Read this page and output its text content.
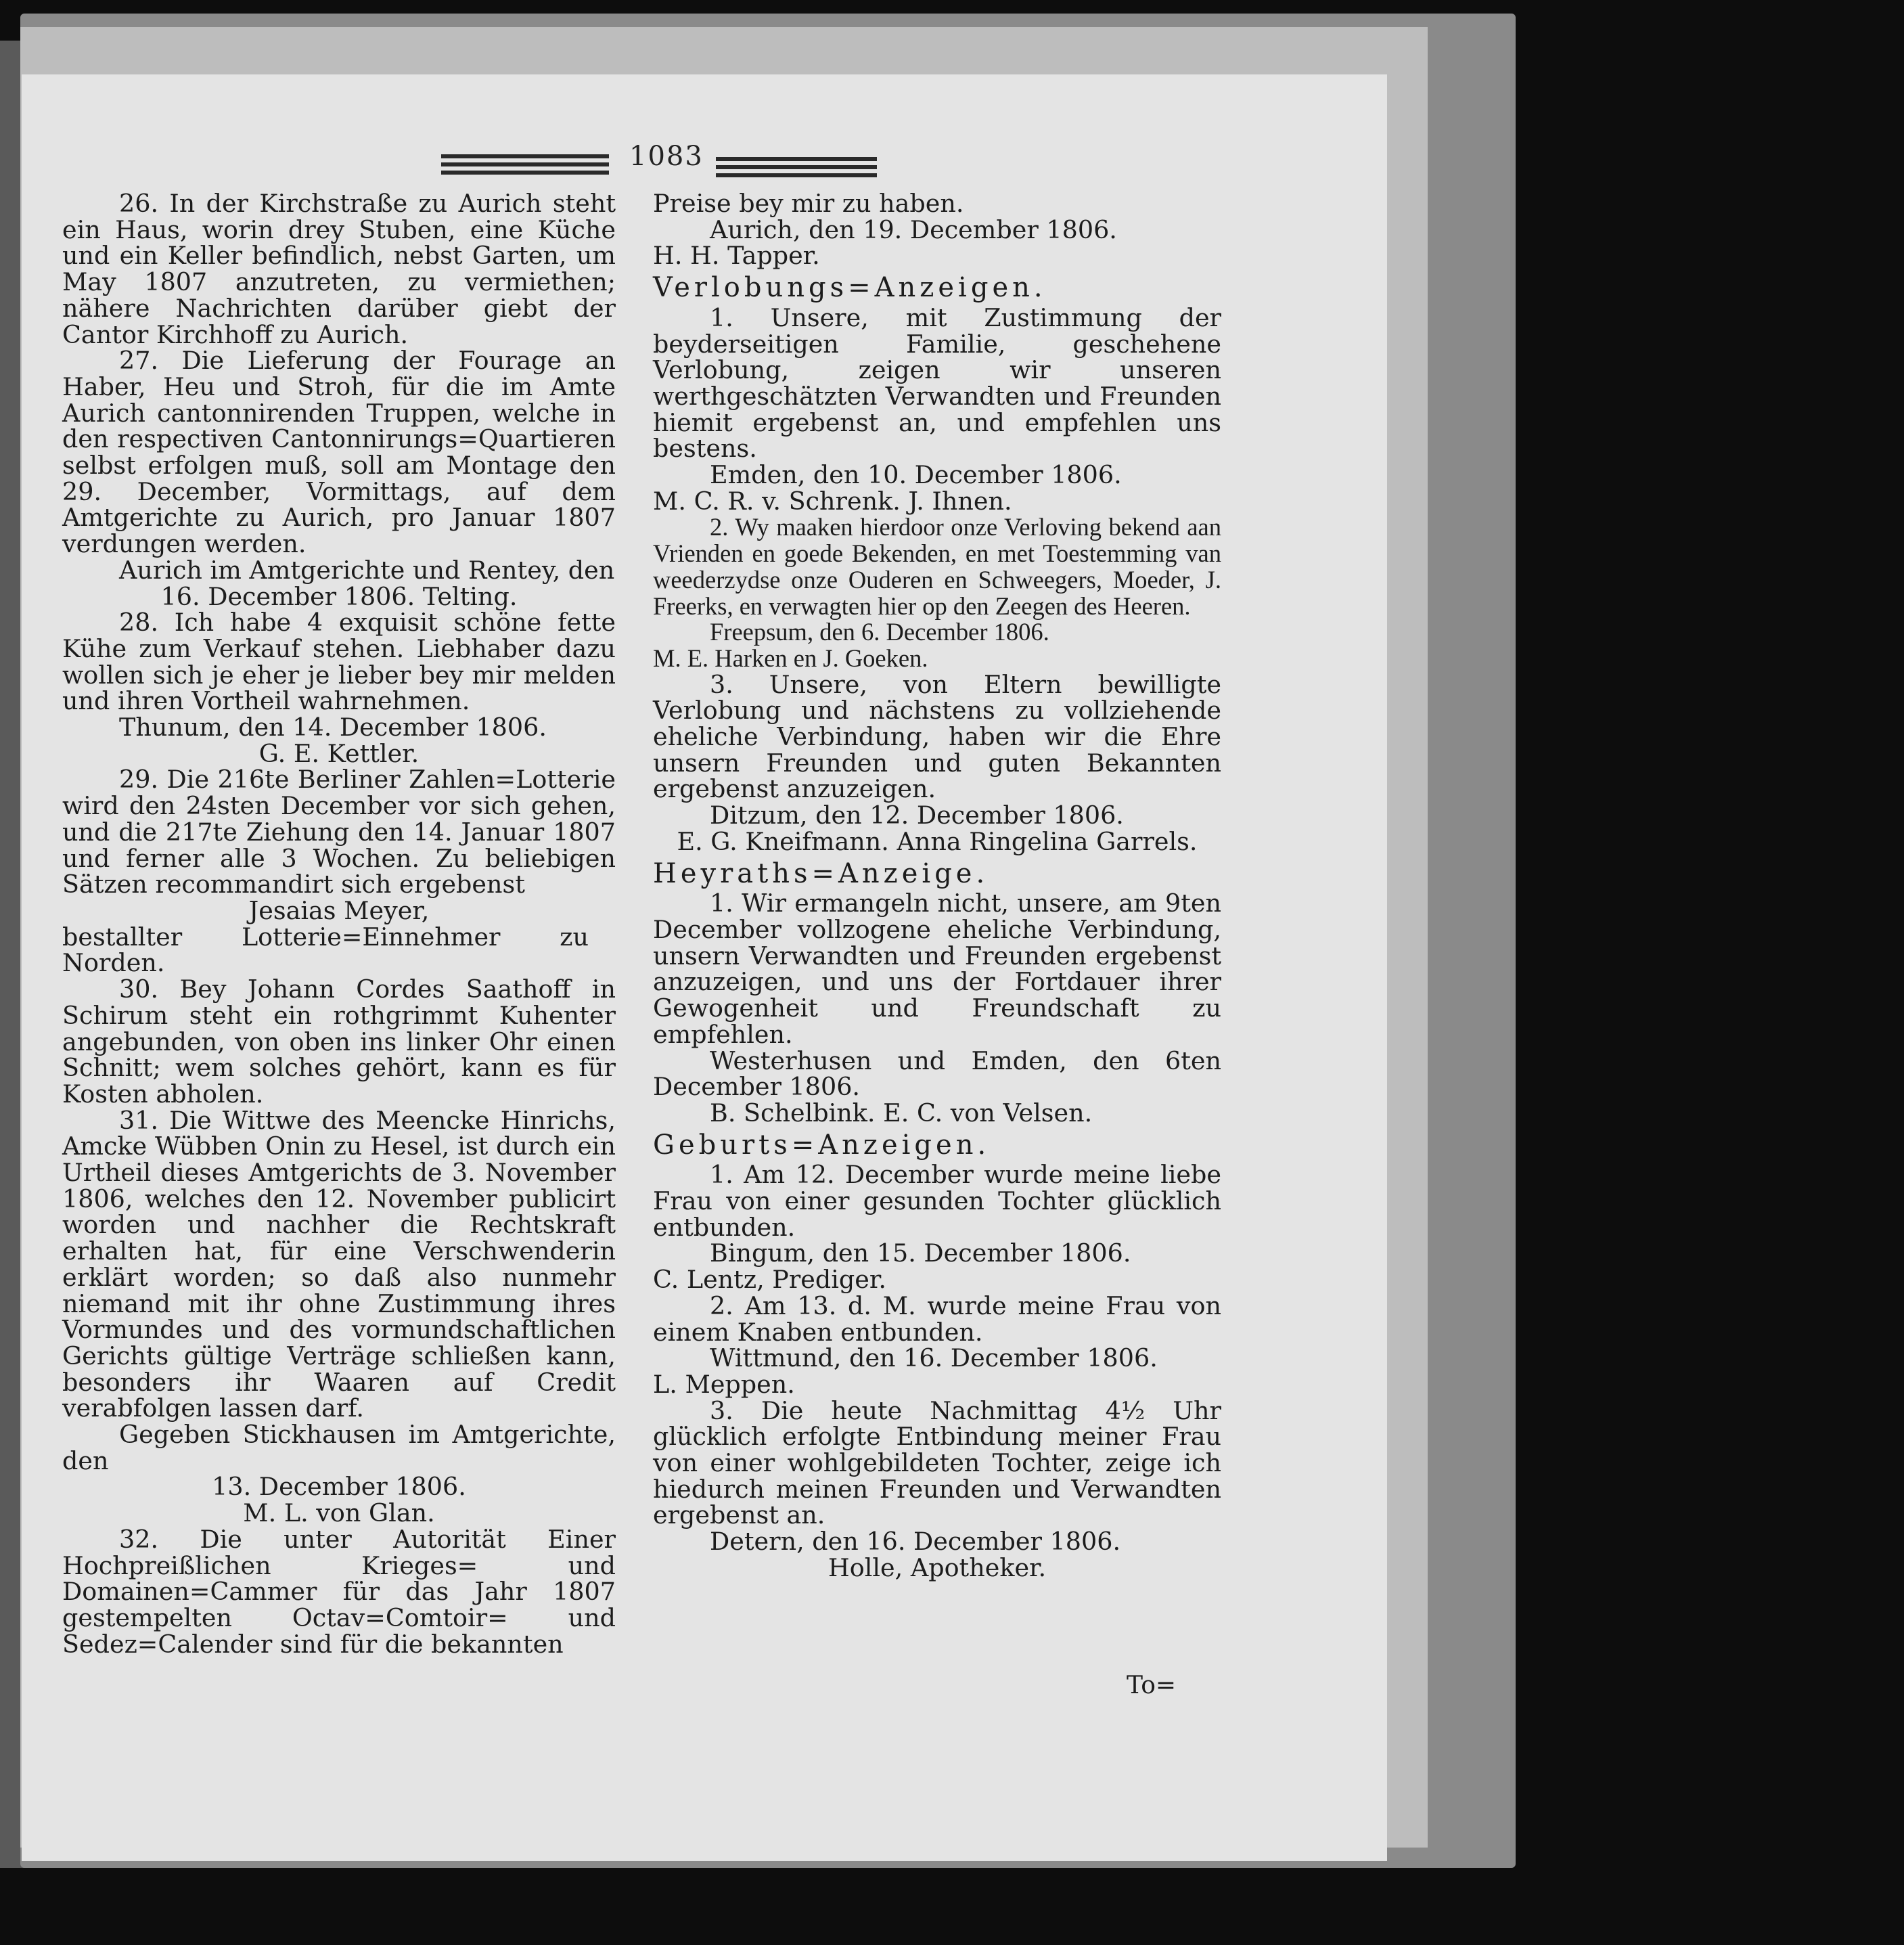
1083

26. In der Kirchstraße zu Aurich steht ein Haus, worin drey Stuben, eine Küche und ein Keller befindlich, nebst Garten, um May 1807 anzutreten, zu vermiethen; nähere Nachrichten darüber giebt der Cantor Kirchhoff zu Aurich.

27. Die Lieferung der Fourage an Haber, Heu und Stroh, für die im Amte Aurich cantonnirenden Truppen, welche in den respectiven Cantonnirungs=Quartieren selbst erfolgen muß, soll am Montage den 29. December, Vormittags, auf dem Amtgerichte zu Aurich, pro Januar 1807 verdungen werden.

Aurich im Amtgerichte und Rentey, den

16. December 1806. Telting.

28. Ich habe 4 exquisit schöne fette Kühe zum Verkauf stehen. Liebhaber dazu wollen sich je eher je lieber bey mir melden und ihren Vortheil wahrnehmen.

Thunum, den 14. December 1806.

G. E. Kettler.

29. Die 216te Berliner Zahlen=Lotterie wird den 24sten December vor sich gehen, und die 217te Ziehung den 14. Januar 1807 und ferner alle 3 Wochen. Zu beliebigen Sätzen recommandirt sich ergebenst

Jesaias Meyer,

bestallter Lotterie=Einnehmer zu Norden.

30. Bey Johann Cordes Saathoff in Schirum steht ein rothgrimmt Kuhenter angebunden, von oben ins linker Ohr einen Schnitt; wem solches gehört, kann es für Kosten abholen.

31. Die Wittwe des Meencke Hinrichs, Amcke Wübben Onin zu Hesel, ist durch ein Urtheil dieses Amtgerichts de 3. November 1806, welches den 12. November publicirt worden und nachher die Rechtskraft erhalten hat, für eine Verschwenderin erklärt worden; so daß also nunmehr niemand mit ihr ohne Zustimmung ihres Vormundes und des vormundschaftlichen Gerichts gültige Verträge schließen kann, besonders ihr Waaren auf Credit verabfolgen lassen darf.

Gegeben Stickhausen im Amtgerichte, den

13. December 1806.

M. L. von Glan.

32. Die unter Autorität Einer Hochpreißlichen Krieges= und Domainen=Cammer für das Jahr 1807 gestempelten Octav=Comtoir= und Sedez=Calender sind für die bekannten

Preise bey mir zu haben.

Aurich, den 19. December 1806.

H. H. Tapper.

Verlobungs=Anzeigen.

1. Unsere, mit Zustimmung der beyderseitigen Familie, geschehene Verlobung, zeigen wir unseren werthgeschätzten Verwandten und Freunden hiemit ergebenst an, und empfehlen uns bestens.

Emden, den 10. December 1806.

M. C. R. v. Schrenk. J. Ihnen.

2. Wy maaken hierdoor onze Verloving bekend aan Vrienden en goede Bekenden, en met Toestemming van weederzydse onze Ouderen en Schweegers, Moeder, J. Freerks, en verwagten hier op den Zeegen des Heeren.

Freepsum, den 6. December 1806.

M. E. Harken en J. Goeken.

3. Unsere, von Eltern bewilligte Verlobung und nächstens zu vollziehende eheliche Verbindung, haben wir die Ehre unsern Freunden und guten Bekannten ergebenst anzuzeigen.

Ditzum, den 12. December 1806.

E. G. Kneifmann. Anna Ringelina Garrels.

Heyraths=Anzeige.

1. Wir ermangeln nicht, unsere, am 9ten December vollzogene eheliche Verbindung, unsern Verwandten und Freunden ergebenst anzuzeigen, und uns der Fortdauer ihrer Gewogenheit und Freundschaft zu empfehlen.

Westerhusen und Emden, den 6ten December 1806.

B. Schelbink. E. C. von Velsen.

Geburts=Anzeigen.

1. Am 12. December wurde meine liebe Frau von einer gesunden Tochter glücklich entbunden.

Bingum, den 15. December 1806.

C. Lentz, Prediger.

2. Am 13. d. M. wurde meine Frau von einem Knaben entbunden.

Wittmund, den 16. December 1806.

L. Meppen.

3. Die heute Nachmittag 4½ Uhr glücklich erfolgte Entbindung meiner Frau von einer wohlgebildeten Tochter, zeige ich hiedurch meinen Freunden und Verwandten ergebenst an.

Detern, den 16. December 1806.

Holle, Apotheker.

To=
